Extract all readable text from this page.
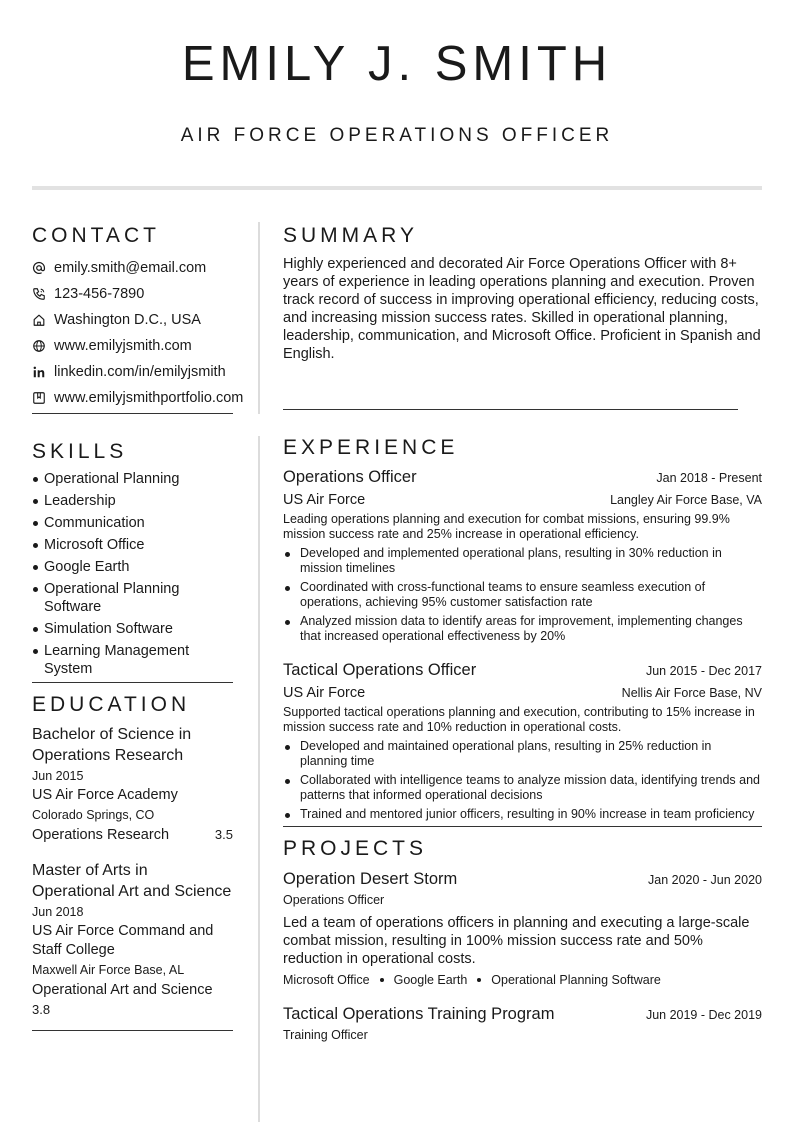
EMILY J. SMITH
AIR FORCE OPERATIONS OFFICER
CONTACT
emily.smith@email.com
123-456-7890
Washington D.C., USA
www.emilyjsmith.com
linkedin.com/in/emilyjsmith
www.emilyjsmithportfolio.com
SKILLS
Operational Planning
Leadership
Communication
Microsoft Office
Google Earth
Operational Planning Software
Simulation Software
Learning Management System
EDUCATION
Bachelor of Science in Operations Research
Jun 2015
US Air Force Academy
Colorado Springs, CO
Operations Research	3.5
Master of Arts in Operational Art and Science
Jun 2018
US Air Force Command and Staff College
Maxwell Air Force Base, AL
Operational Art and Science
3.8
SUMMARY
Highly experienced and decorated Air Force Operations Officer with 8+ years of experience in leading operations planning and execution. Proven track record of success in improving operational efficiency, reducing costs, and increasing mission success rates. Skilled in operational planning, leadership, communication, and Microsoft Office. Proficient in Spanish and English.
EXPERIENCE
Operations Officer	Jan 2018 - Present
US Air Force	Langley Air Force Base, VA
Leading operations planning and execution for combat missions, ensuring 99.9% mission success rate and 25% increase in operational efficiency.
Developed and implemented operational plans, resulting in 30% reduction in mission timelines
Coordinated with cross-functional teams to ensure seamless execution of operations, achieving 95% customer satisfaction rate
Analyzed mission data to identify areas for improvement, implementing changes that increased operational effectiveness by 20%
Tactical Operations Officer	Jun 2015 - Dec 2017
US Air Force	Nellis Air Force Base, NV
Supported tactical operations planning and execution, contributing to 15% increase in mission success rate and 10% reduction in operational costs.
Developed and maintained operational plans, resulting in 25% reduction in planning time
Collaborated with intelligence teams to analyze mission data, identifying trends and patterns that informed operational decisions
Trained and mentored junior officers, resulting in 90% increase in team proficiency
PROJECTS
Operation Desert Storm	Jan 2020 - Jun 2020
Operations Officer
Led a team of operations officers in planning and executing a large-scale combat mission, resulting in 100% mission success rate and 50% reduction in operational costs.
Microsoft Office Google Earth Operational Planning Software
Tactical Operations Training Program	Jun 2019 - Dec 2019
Training Officer
